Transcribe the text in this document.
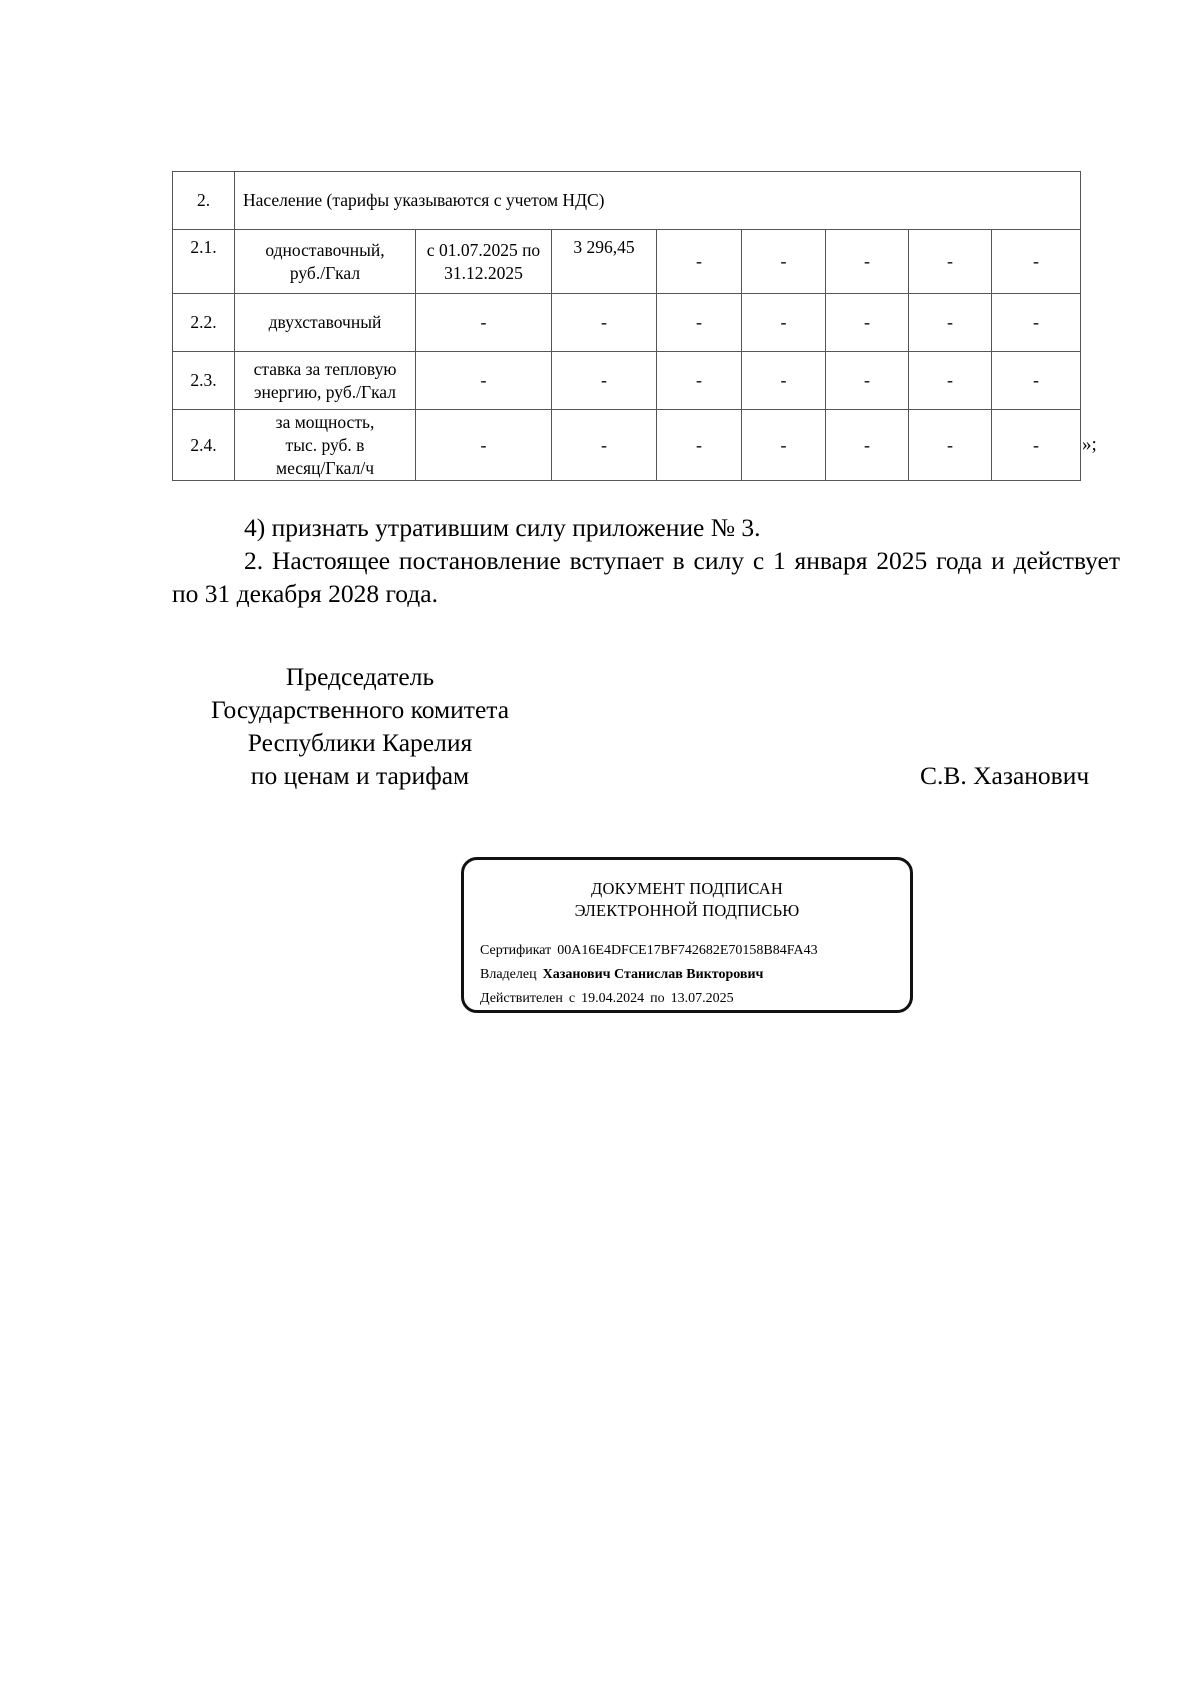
2.	Население (тарифы указываются с учетом НДС)							
2.1.	одноставочный, руб./Гкал	с 01.07.2025 по 31.12.2025	3 296,45	-	-	-	-	-
2.2.	двухставочный	-	-	-	-	-	-	-
2.3.	ставка за тепловую энергию, руб./Гкал	-	-	-	-	-	-	-
2.4.	за мощность, тыс. руб. в месяц/Гкал/ч	-	-	-	-	-	-	- »;
4) признать утратившим силу приложение № 3.
2. Настоящее постановление вступает в силу с 1 января 2025 года и действует по 31 декабря 2028 года.
Председатель
Государственного комитета
Республики Карелия
по ценам и тарифам	С.В. Хазанович
ДОКУМЕНТ ПОДПИСАН
ЭЛЕКТРОННОЙ ПОДПИСЬЮ
Сертификат 00A16E4DFCE17BF742682E70158B84FA43
Владелец Хазанович Станислав Викторович
Действителен с 19.04.2024 по 13.07.2025
